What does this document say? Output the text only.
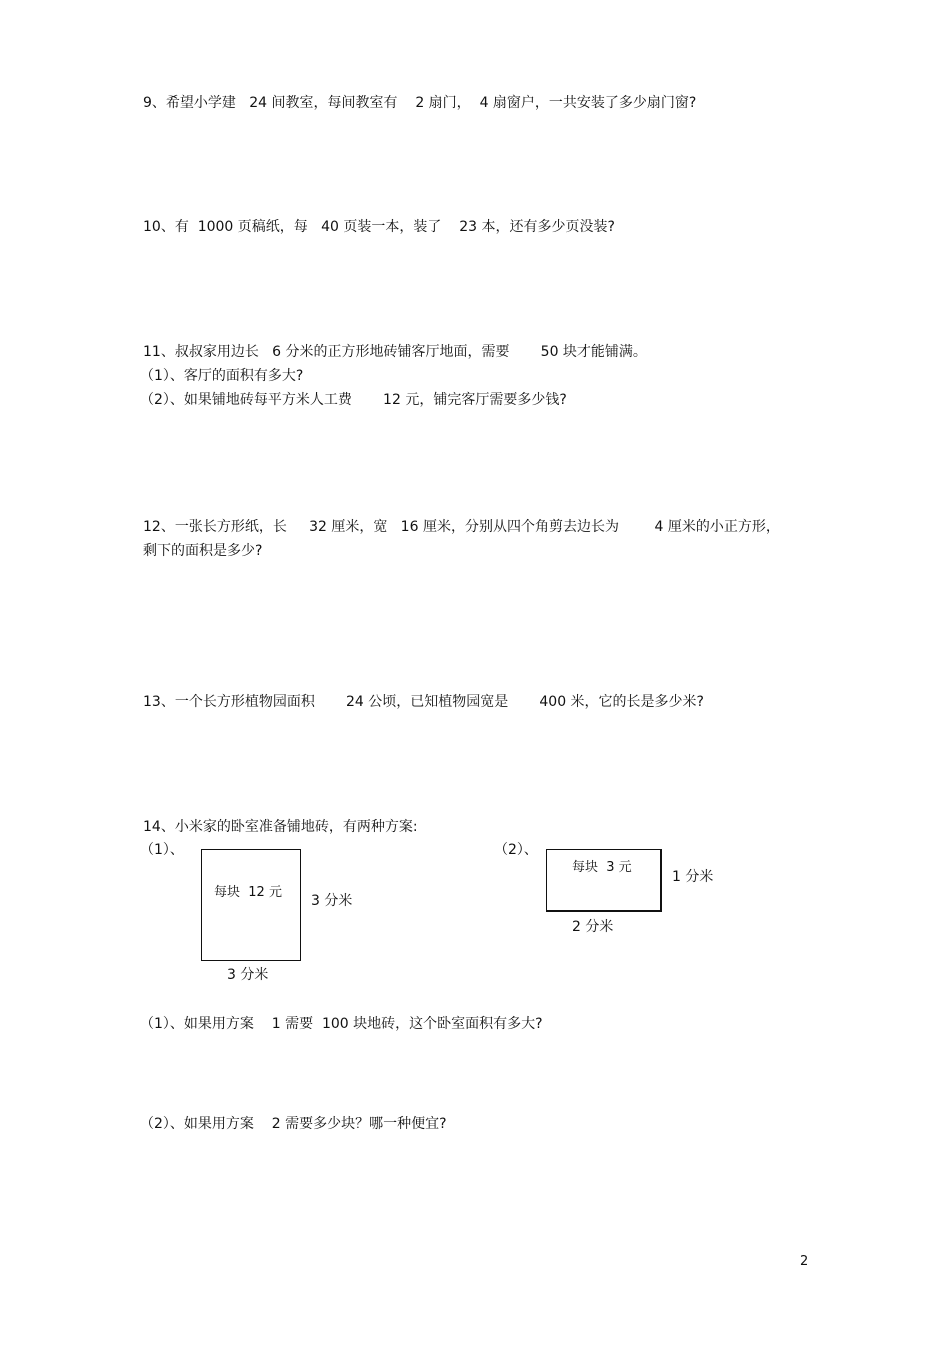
9、希望小学建   24 间教室，每间教室有    2 扇门，  4 扇窗户，一共安装了多少扇门窗?
10、有  1000 页稿纸，每   40 页装一本，装了    23 本，还有多少页没装?
11、叔叔家用边长   6 分米的正方形地砖铺客厅地面，需要       50 块才能铺满。
（1）、客厅的面积有多大?
（2）、如果铺地砖每平方米人工费       12 元，铺完客厅需要多少钱?
12、一张长方形纸，长     32 厘米，宽   16 厘米，分别从四个角剪去边长为        4 厘米的小正方形，
剩下的面积是多少?
13、一个长方形植物园面积       24 公顷，已知植物园宽是       400 米，它的长是多少米?
14、小米家的卧室准备铺地砖，有两种方案:
（1）、
每块  12 元
3 分米
3 分米
（2）、
每块  3 元
1 分米
2 分米
（1）、如果用方案    1 需要  100 块地砖，这个卧室面积有多大?
（2）、如果用方案    2 需要多少块？哪一种便宜?
2
